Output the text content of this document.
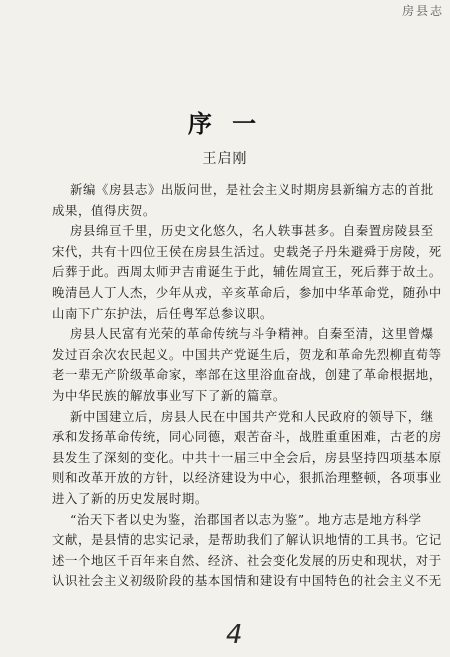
房县志
序 一
王启刚
新编《房县志》出版问世，是社会主义时期房县新编方志的首批
成果，值得庆贺。
房县绵亘千里，历史文化悠久，名人轶事甚多。自秦置房陵县至
宋代，共有十四位王侯在房县生活过。史载尧子丹朱避舜于房陵，死
后葬于此。西周太师尹吉甫诞生于此，辅佐周宣王，死后葬于故土。
晚清邑人丁人杰，少年从戎，辛亥革命后，参加中华革命党，随孙中
山南下广东护法，后任粤军总参议职。
房县人民富有光荣的革命传统与斗争精神。自秦至清，这里曾爆
发过百余次农民起义。中国共产党诞生后，贺龙和革命先烈柳直荀等
老一辈无产阶级革命家，率部在这里浴血奋战，创建了革命根据地，
为中华民族的解放事业写下了新的篇章。
新中国建立后，房县人民在中国共产党和人民政府的领导下，继
承和发扬革命传统，同心同德，艰苦奋斗，战胜重重困难，古老的房
县发生了深刻的变化。中共十一届三中全会后，房县坚持四项基本原
则和改革开放的方针，以经济建设为中心，狠抓治理整顿，各项事业
进入了新的历史发展时期。
“治天下者以史为鉴，治郡国者以志为鉴”。地方志是地方科学
文献，是县情的忠实记录，是帮助我们了解认识地情的工具书。它记
述一个地区千百年来自然、经济、社会变化发展的历史和现状，对于
认识社会主义初级阶段的基本国情和建设有中国特色的社会主义不无
4
